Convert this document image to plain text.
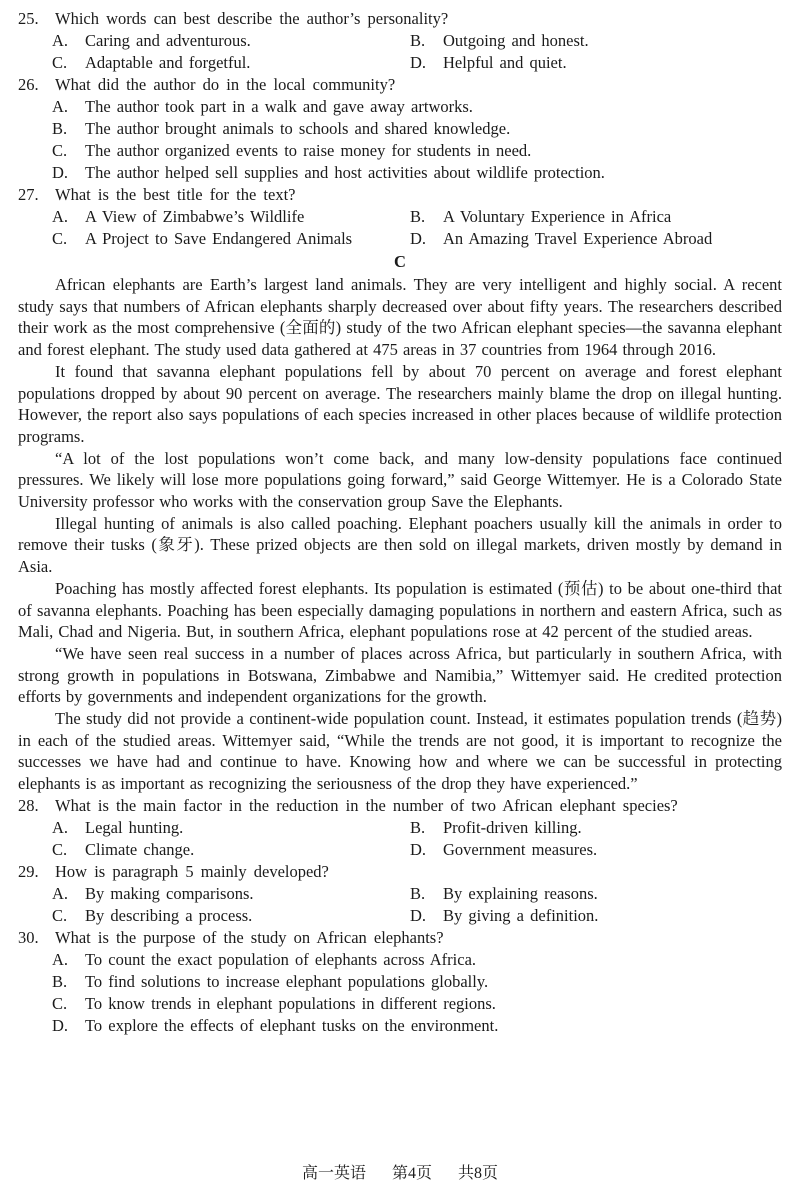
25. Which words can best describe the author’s personality?
A.	Caring and adventurous.	B.	Outgoing and honest.
C.	Adaptable and forgetful.	D.	Helpful and quiet.
26. What did the author do in the local community?
A.	The author took part in a walk and gave away artworks.
B.	The author brought animals to schools and shared knowledge.
C.	The author organized events to raise money for students in need.
D.	The author helped sell supplies and host activities about wildlife protection.
27. What is the best title for the text?
A.	A View of Zimbabwe’s Wildlife	B.	A Voluntary Experience in Africa
C.	A Project to Save Endangered Animals	D.	An Amazing Travel Experience Abroad
C

African elephants are Earth’s largest land animals. They are very intelligent and highly social. A recent study says that numbers of African elephants sharply decreased over about fifty years. The researchers described their work as the most comprehensive (全面的) study of the two African elephant species—the savanna elephant and forest elephant. The study used data gathered at 475 areas in 37 countries from 1964 through 2016.

It found that savanna elephant populations fell by about 70 percent on average and forest elephant populations dropped by about 90 percent on average. The researchers mainly blame the drop on illegal hunting. However, the report also says populations of each species increased in other places because of wildlife protection programs.

“A lot of the lost populations won’t come back, and many low-density populations face continued pressures. We likely will lose more populations going forward,” said George Wittemyer. He is a Colorado State University professor who works with the conservation group Save the Elephants.

Illegal hunting of animals is also called poaching. Elephant poachers usually kill the animals in order to remove their tusks (象牙). These prized objects are then sold on illegal markets, driven mostly by demand in Asia.

Poaching has mostly affected forest elephants. Its population is estimated (预估) to be about one-third that of savanna elephants. Poaching has been especially damaging populations in northern and eastern Africa, such as Mali, Chad and Nigeria. But, in southern Africa, elephant populations rose at 42 percent of the studied areas.

“We have seen real success in a number of places across Africa, but particularly in southern Africa, with strong growth in populations in Botswana, Zimbabwe and Namibia,” Wittemyer said. He credited protection efforts by governments and independent organizations for the growth.

The study did not provide a continent-wide population count. Instead, it estimates population trends (趋势) in each of the studied areas. Wittemyer said, “While the trends are not good, it is important to recognize the successes we have had and continue to have. Knowing how and where we can be successful in protecting elephants is as important as recognizing the seriousness of the drop they have experienced.”

28. What is the main factor in the reduction in the number of two African elephant species?
A.	Legal hunting.	B.	Profit-driven killing.
C.	Climate change.	D.	Government measures.
29. How is paragraph 5 mainly developed?
A.	By making comparisons.	B.	By explaining reasons.
C.	By describing a process.	D.	By giving a definition.
30. What is the purpose of the study on African elephants?
A.	To count the exact population of elephants across Africa.
B.	To find solutions to increase elephant populations globally.
C.	To know trends in elephant populations in different regions.
D.	To explore the effects of elephant tusks on the environment.
高一英语 第4页 共8页
